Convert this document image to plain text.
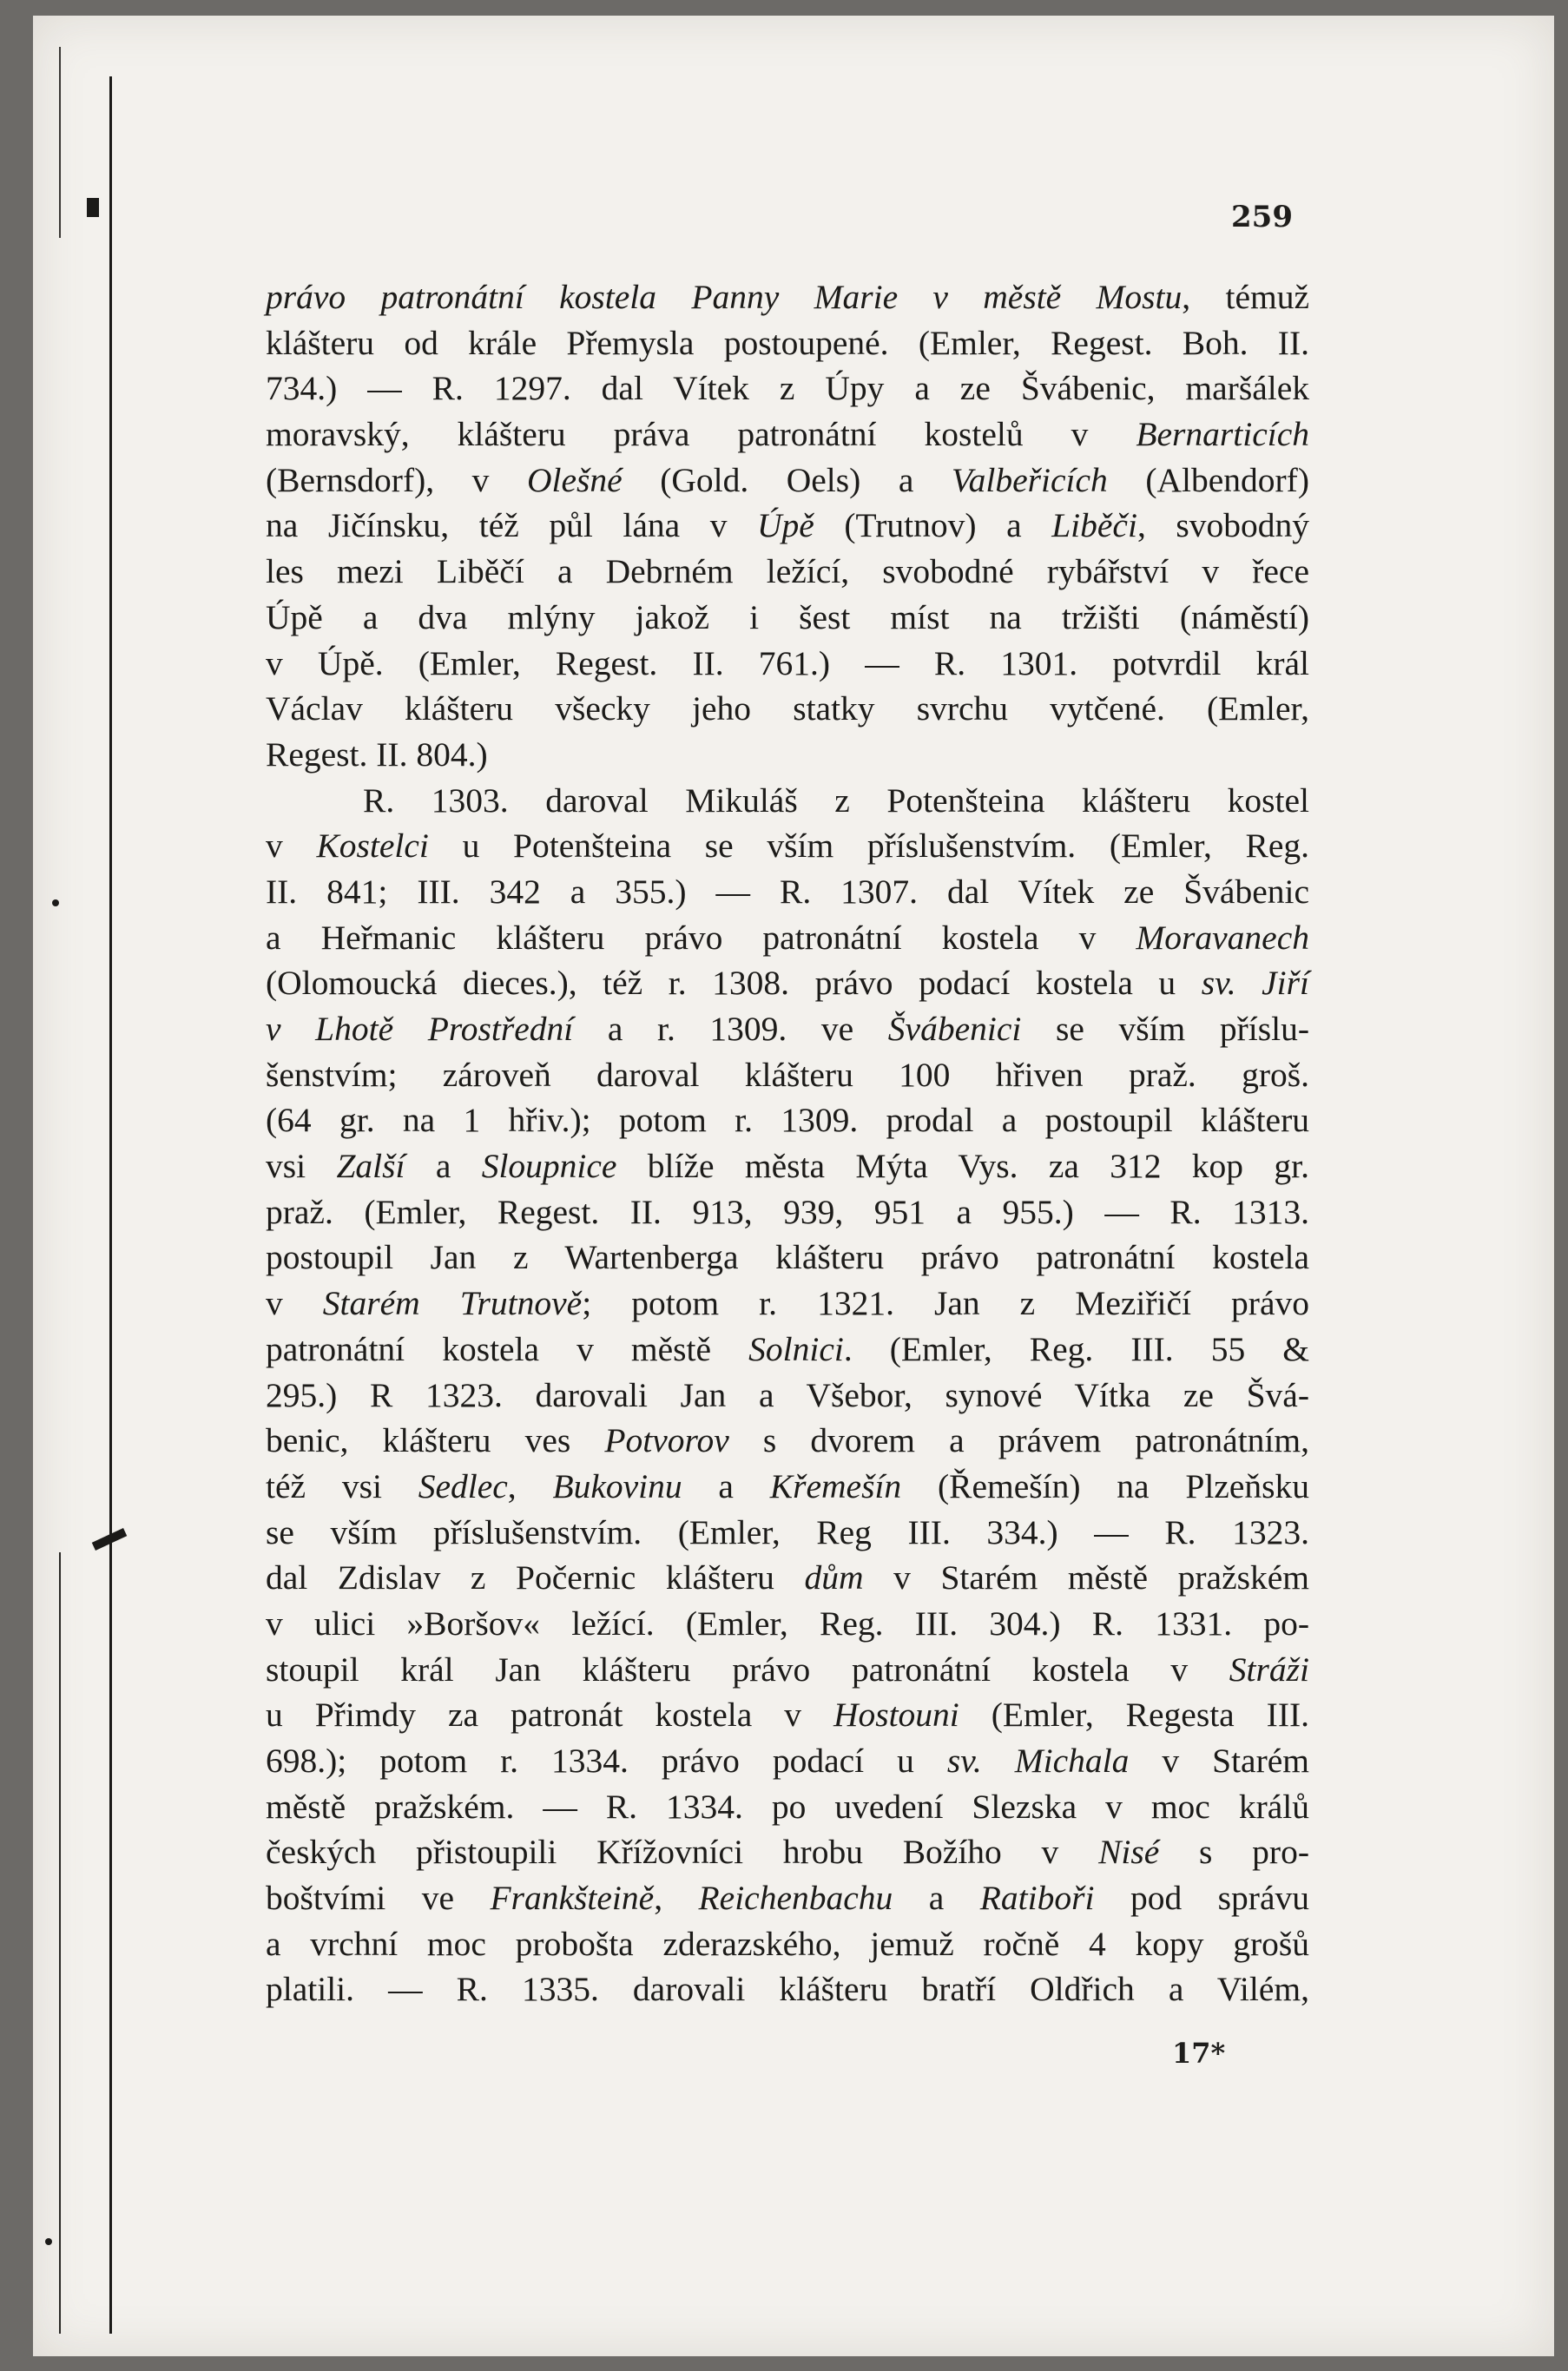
259
právo patronátní kostela Panny Marie v městě Mostu, témuž
klášteru od krále Přemysla postoupené. (Emler, Regest. Boh. II.
734.) — R. 1297. dal Vítek z Úpy a ze Švábenic, maršálek
moravský, klášteru práva patronátní kostelů v Bernarticích
(Bernsdorf), v Olešné (Gold. Oels) a Valbeřicích (Albendorf)
na Jičínsku, též půl lána v Úpě (Trutnov) a Liběči, svobodný
les mezi Liběčí a Debrném ležící, svobodné rybářství v řece
Úpě a dva mlýny jakož i šest míst na tržišti (náměstí)
v Úpě. (Emler, Regest. II. 761.) — R. 1301. potvrdil král
Václav klášteru všecky jeho statky svrchu vytčené. (Emler,
Regest. II. 804.)
R. 1303. daroval Mikuláš z Potenšteina klášteru kostel
v Kostelci u Potenšteina se vším příslušenstvím. (Emler, Reg.
II. 841; III. 342 a 355.) — R. 1307. dal Vítek ze Švábenic
a Heřmanic klášteru právo patronátní kostela v Moravanech
(Olomoucká dieces.), též r. 1308. právo podací kostela u sv. Jiří
v Lhotě Prostřední a r. 1309. ve Švábenici se vším příslu-
šenstvím; zároveň daroval klášteru 100 hřiven praž. groš.
(64 gr. na 1 hřiv.); potom r. 1309. prodal a postoupil klášteru
vsi Zalší a Sloupnice blíže města Mýta Vys. za 312 kop gr.
praž. (Emler, Regest. II. 913, 939, 951 a 955.) — R. 1313.
postoupil Jan z Wartenberga klášteru právo patronátní kostela
v Starém Trutnově; potom r. 1321. Jan z Meziřičí právo
patronátní kostela v městě Solnici. (Emler, Reg. III. 55 &
295.) R 1323. darovali Jan a Všebor, synové Vítka ze Švá-
benic, klášteru ves Potvorov s dvorem a právem patronátním,
též vsi Sedlec, Bukovinu a Křemešín (Řemešín) na Plzeňsku
se vším příslušenstvím. (Emler, Reg III. 334.) — R. 1323.
dal Zdislav z Počernic klášteru dům v Starém městě pražském
v ulici »Boršov« ležící. (Emler, Reg. III. 304.) R. 1331. po-
stoupil král Jan klášteru právo patronátní kostela v Stráži
u Přimdy za patronát kostela v Hostouni (Emler, Regesta III.
698.); potom r. 1334. právo podací u sv. Michala v Starém
městě pražském. — R. 1334. po uvedení Slezska v moc králů
českých přistoupili Křížovníci hrobu Božího v Nisé s pro-
boštvími ve Frankšteině, Reichenbachu a Ratiboři pod správu
a vrchní moc probošta zderazského, jemuž ročně 4 kopy grošů
platili. — R. 1335. darovali klášteru bratří Oldřich a Vilém,
17*
